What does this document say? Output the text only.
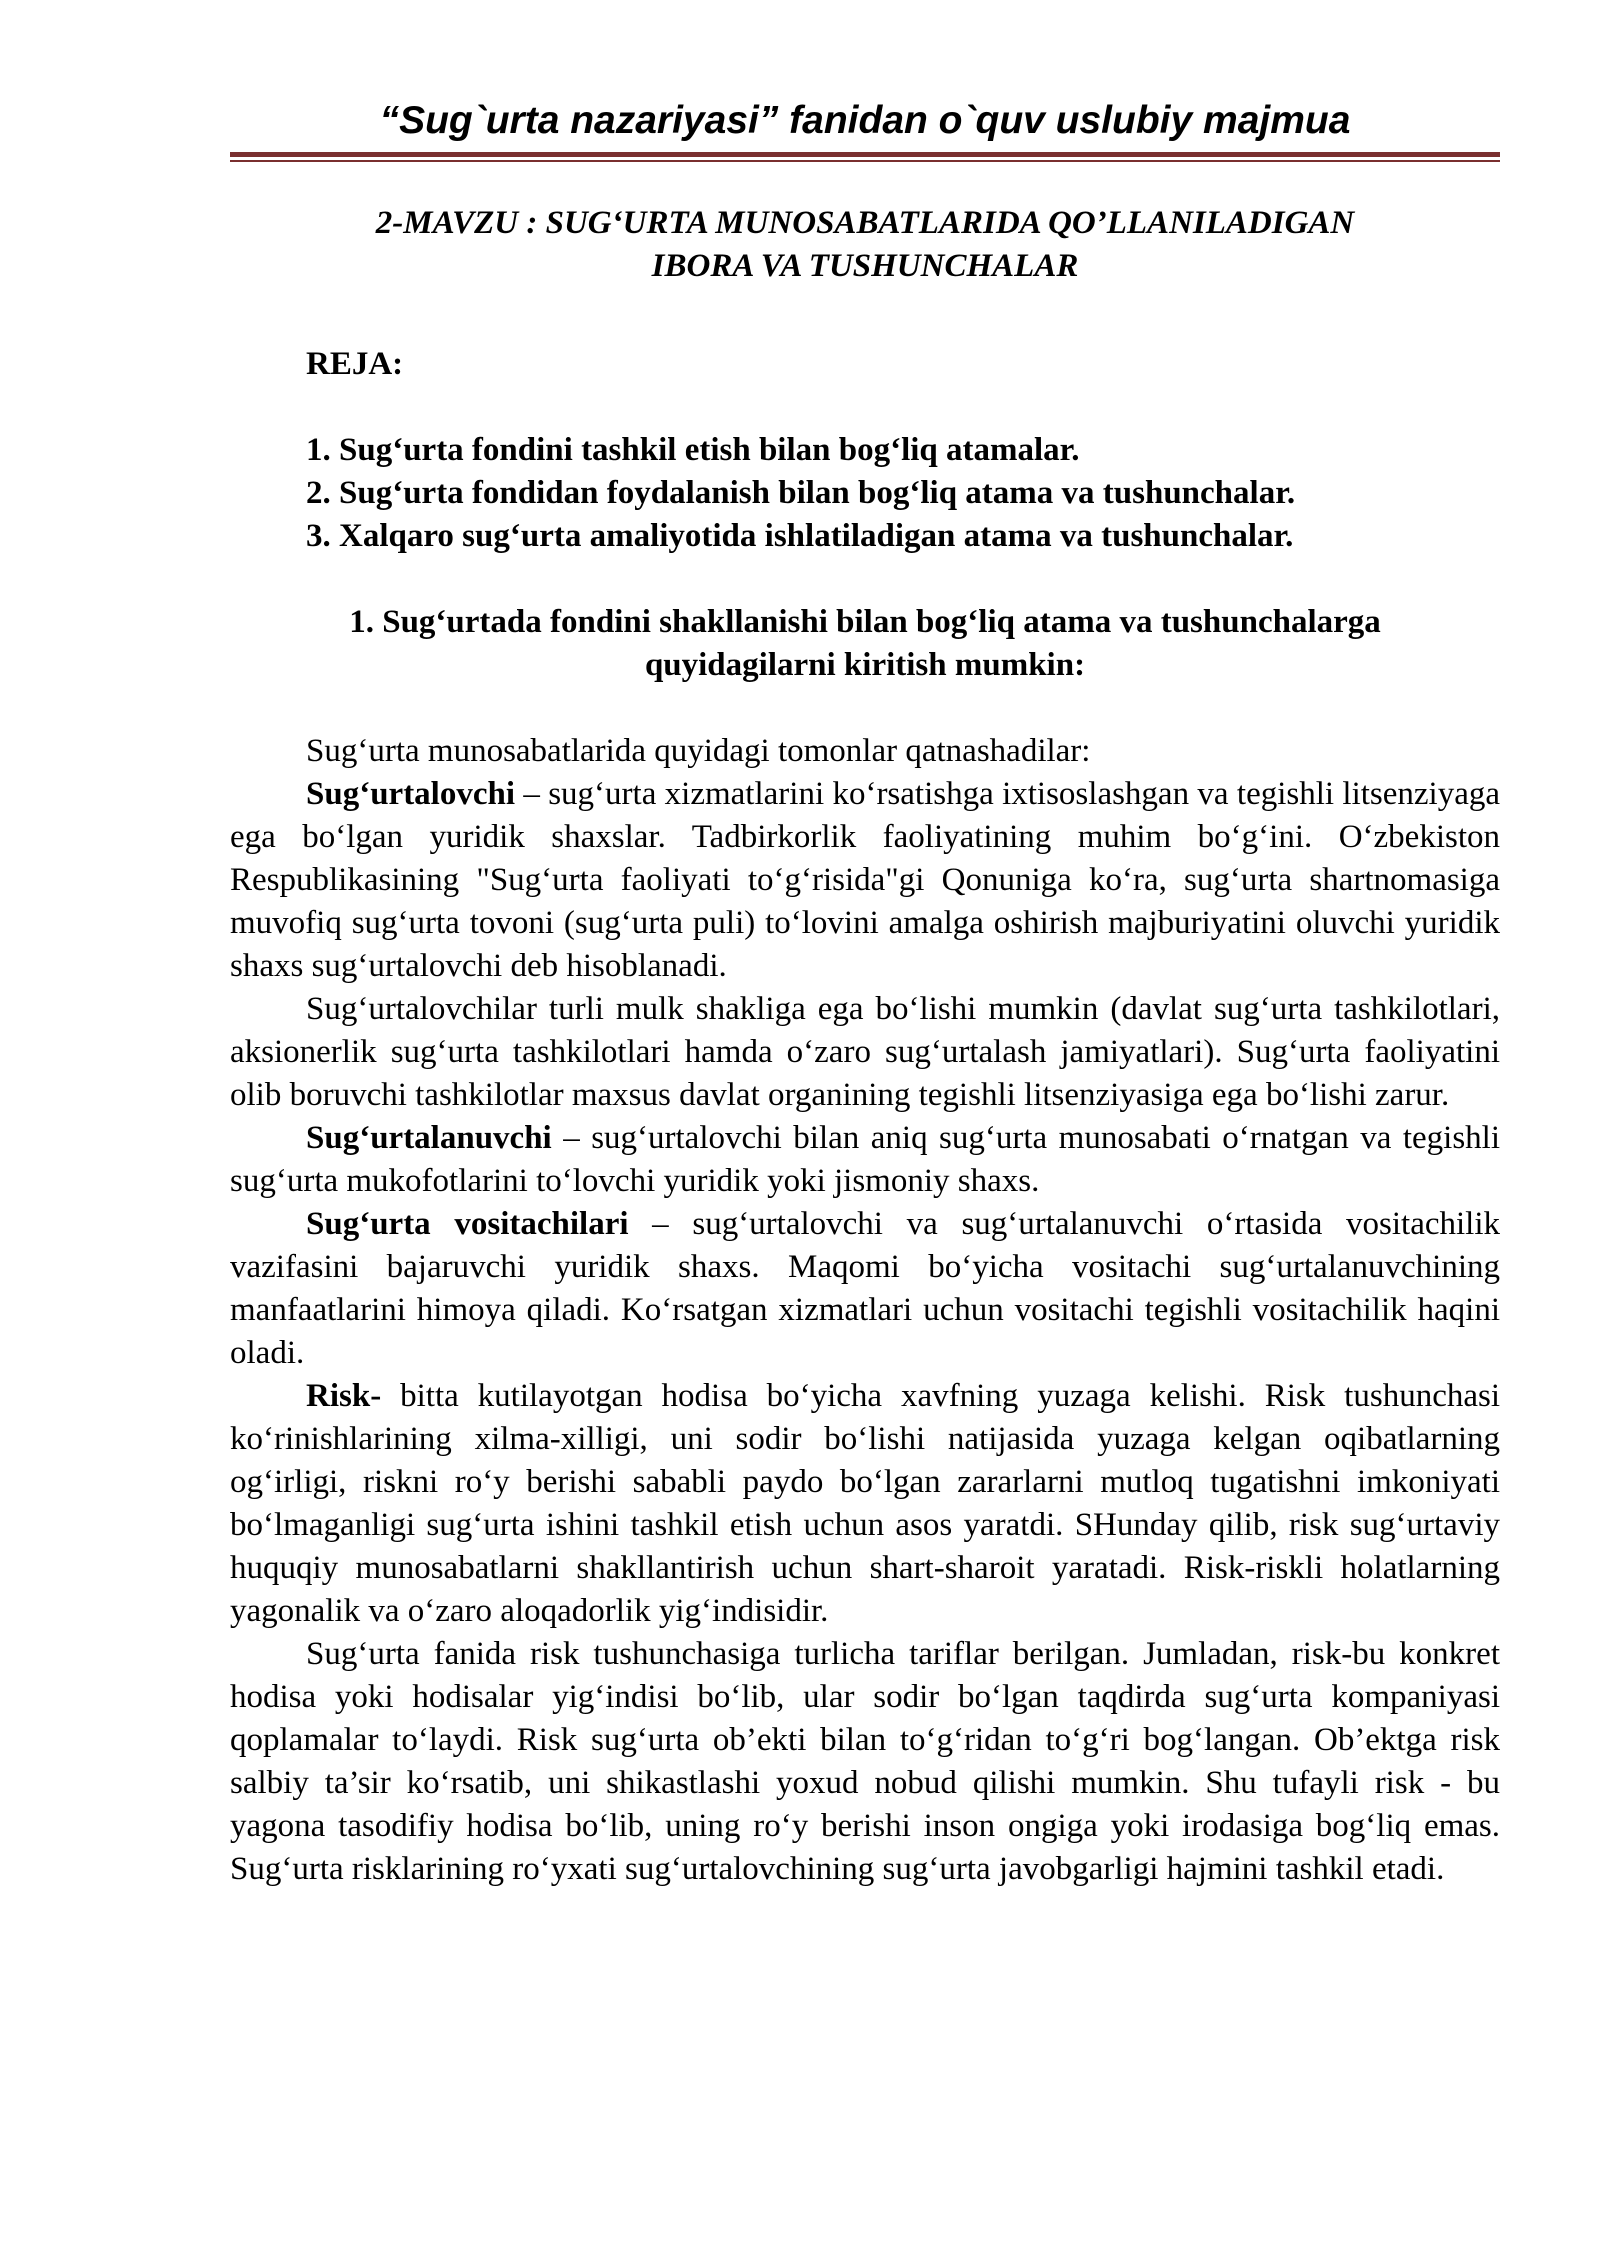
“Sug`urta nazariyasi” fanidan o`quv uslubiy majmua
2-MAVZU : SUG‘URTA MUNOSABATLARIDA QO’LLANILADIGAN
IBORA VA TUSHUNCHALAR
REJA:
1. Sug‘urta fondini tashkil etish bilan bog‘liq atamalar.
2. Sug‘urta fondidan foydalanish bilan bog‘liq atama va tushunchalar.
3. Xalqaro sug‘urta amaliyotida ishlatiladigan atama va tushunchalar.
1. Sug‘urtada fondini shakllanishi bilan bog‘liq atama va tushunchalarga
quyidagilarni kiritish mumkin:

Sug‘urta munosabatlarida quyidagi tomonlar qatnashadilar:

Sug‘urtalovchi – sug‘urta xizmatlarini ko‘rsatishga ixtisoslashgan va tegishli litsenziyaga ega bo‘lgan yuridik shaxslar. Tadbirkorlik faoliyatining muhim bo‘g‘ini. O‘zbekiston Respublikasining "Sug‘urta faoliyati to‘g‘risida"gi Qonuniga ko‘ra, sug‘urta shartnomasiga muvofiq sug‘urta tovoni (sug‘urta puli) to‘lovini amalga oshirish majburiyatini oluvchi yuridik shaxs sug‘urtalovchi deb hisoblanadi.

Sug‘urtalovchilar turli mulk shakliga ega bo‘lishi mumkin (davlat sug‘urta tashkilotlari, aksionerlik sug‘urta tashkilotlari hamda o‘zaro sug‘urtalash jamiyatlari). Sug‘urta faoliyatini olib boruvchi tashkilotlar maxsus davlat organining tegishli litsenziyasiga ega bo‘lishi zarur.

Sug‘urtalanuvchi – sug‘urtalovchi bilan aniq sug‘urta munosabati o‘rnatgan va tegishli sug‘urta mukofotlarini to‘lovchi yuridik yoki jismoniy shaxs.

Sug‘urta vositachilari – sug‘urtalovchi va sug‘urtalanuvchi o‘rtasida vositachilik vazifasini bajaruvchi yuridik shaxs. Maqomi bo‘yicha vositachi sug‘urtalanuvchining manfaatlarini himoya qiladi. Ko‘rsatgan xizmatlari uchun vositachi tegishli vositachilik haqini oladi.

Risk- bitta kutilayotgan hodisa bo‘yicha xavfning yuzaga kelishi. Risk tushunchasi ko‘rinishlarining xilma-xilligi, uni sodir bo‘lishi natijasida yuzaga kelgan oqibatlarning og‘irligi, riskni ro‘y berishi sababli paydo bo‘lgan zararlarni mutloq tugatishni imkoniyati bo‘lmaganligi sug‘urta ishini tashkil etish uchun asos yaratdi. SHunday qilib, risk sug‘urtaviy huquqiy munosabatlarni shakllantirish uchun shart-sharoit yaratadi. Risk-riskli holatlarning yagonalik va o‘zaro aloqadorlik yig‘indisidir.

Sug‘urta fanida risk tushunchasiga turlicha tariflar berilgan. Jumladan, risk-bu konkret hodisa yoki hodisalar yig‘indisi bo‘lib, ular sodir bo‘lgan taqdirda sug‘urta kompaniyasi qoplamalar to‘laydi. Risk sug‘urta ob’ekti bilan to‘g‘ridan to‘g‘ri bog‘langan. Ob’ektga risk salbiy ta’sir ko‘rsatib, uni shikastlashi yoxud nobud qilishi mumkin. Shu tufayli risk - bu yagona tasodifiy hodisa bo‘lib, uning ro‘y berishi inson ongiga yoki irodasiga bog‘liq emas. Sug‘urta risklarining ro‘yxati sug‘urtalovchining sug‘urta javobgarligi hajmini tashkil etadi.
